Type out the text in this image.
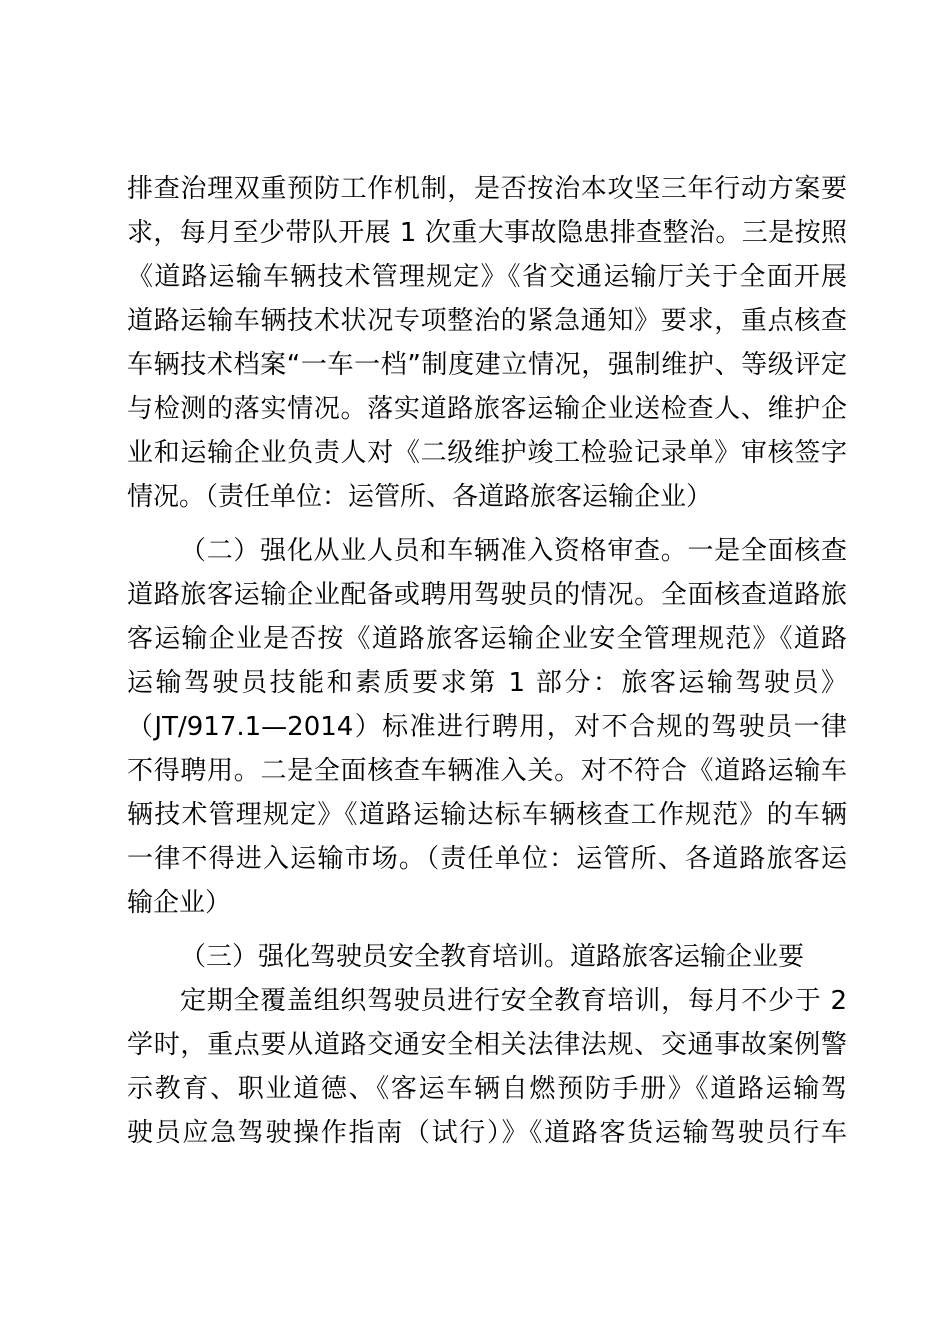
排查治理双重预防工作机制，是否按治本攻坚三年行动方案要
求，每月至少带队开展 1 次重大事故隐患排查整治。三是按照
《道路运输车辆技术管理规定》《省交通运输厅关于全面开展
道路运输车辆技术状况专项整治的紧急通知》要求，重点核查
车辆技术档案“一车一档”制度建立情况，强制维护、等级评定
与检测的落实情况。落实道路旅客运输企业送检查人、维护企
业和运输企业负责人对《二级维护竣工检验记录单》审核签字
情况。（责任单位：运管所、各道路旅客运输企业）
（二）强化从业人员和车辆准入资格审查。一是全面核查
道路旅客运输企业配备或聘用驾驶员的情况。全面核查道路旅
客运输企业是否按《道路旅客运输企业安全管理规范》《道路
运输驾驶员技能和素质要求第 1 部分：旅客运输驾驶员》
（JT/917.1—2014）标准进行聘用，对不合规的驾驶员一律
不得聘用。二是全面核查车辆准入关。对不符合《道路运输车
辆技术管理规定》《道路运输达标车辆核查工作规范》的车辆
一律不得进入运输市场。（责任单位：运管所、各道路旅客运
输企业）
（三）强化驾驶员安全教育培训。道路旅客运输企业要
定期全覆盖组织驾驶员进行安全教育培训，每月不少于 2
学时，重点要从道路交通安全相关法律法规、交通事故案例警
示教育、职业道德、《客运车辆自燃预防手册》《道路运输驾
驶员应急驾驶操作指南（试行）》《道路客货运输驾驶员行车
